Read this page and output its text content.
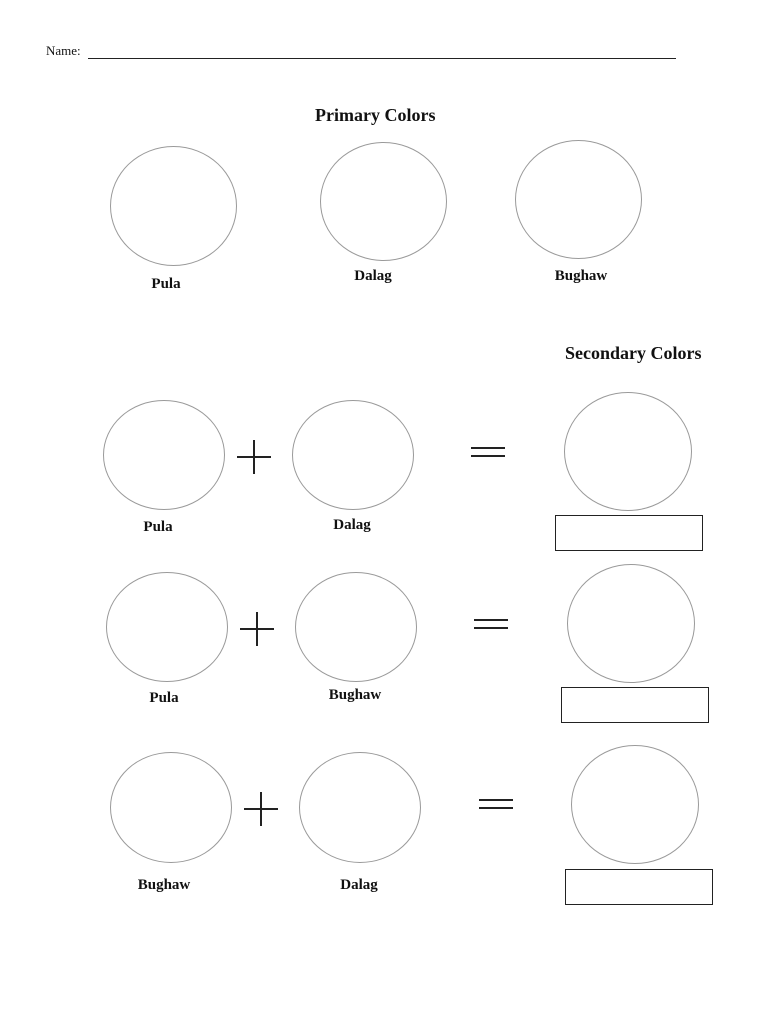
Name:
Primary Colors
Pula	Dalag	Bughaw
Secondary Colors
Pula	Dalag
Pula	Bughaw
Bughaw	Dalag
